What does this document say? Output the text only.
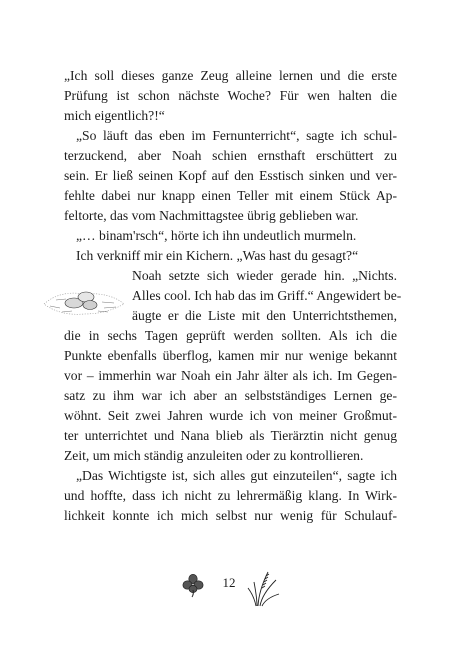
„Ich soll dieses ganze Zeug alleine lernen und die erste
Prüfung ist schon nächste Woche? Für wen halten die
mich eigentlich?!“
„So läuft das eben im Fernunterricht“, sagte ich schul-
terzuckend, aber Noah schien ernsthaft erschüttert zu
sein. Er ließ seinen Kopf auf den Esstisch sinken und ver-
fehlte dabei nur knapp einen Teller mit einem Stück Ap-
feltorte, das vom Nachmittagstee übrig geblieben war.
„… binam'rsch“, hörte ich ihn undeutlich murmeln.
Ich verkniff mir ein Kichern. „Was hast du gesagt?“
Noah setzte sich wieder gerade hin. „Nichts.
Alles cool. Ich hab das im Griff.“ Angewidert be-
äugte er die Liste mit den Unterrichtsthemen,
die in sechs Tagen geprüft werden sollten. Als ich die
Punkte ebenfalls überflog, kamen mir nur wenige bekannt
vor – immerhin war Noah ein Jahr älter als ich. Im Gegen-
satz zu ihm war ich aber an selbstständiges Lernen ge-
wöhnt. Seit zwei Jahren wurde ich von meiner Großmut-
ter unterrichtet und Nana blieb als Tierärztin nicht genug
Zeit, um mich ständig anzuleiten oder zu kontrollieren.
„Das Wichtigste ist, sich alles gut einzuteilen“, sagte ich
und hoffte, dass ich nicht zu lehrermäßig klang. In Wirk-
lichkeit konnte ich mich selbst nur wenig für Schulauf-
12
